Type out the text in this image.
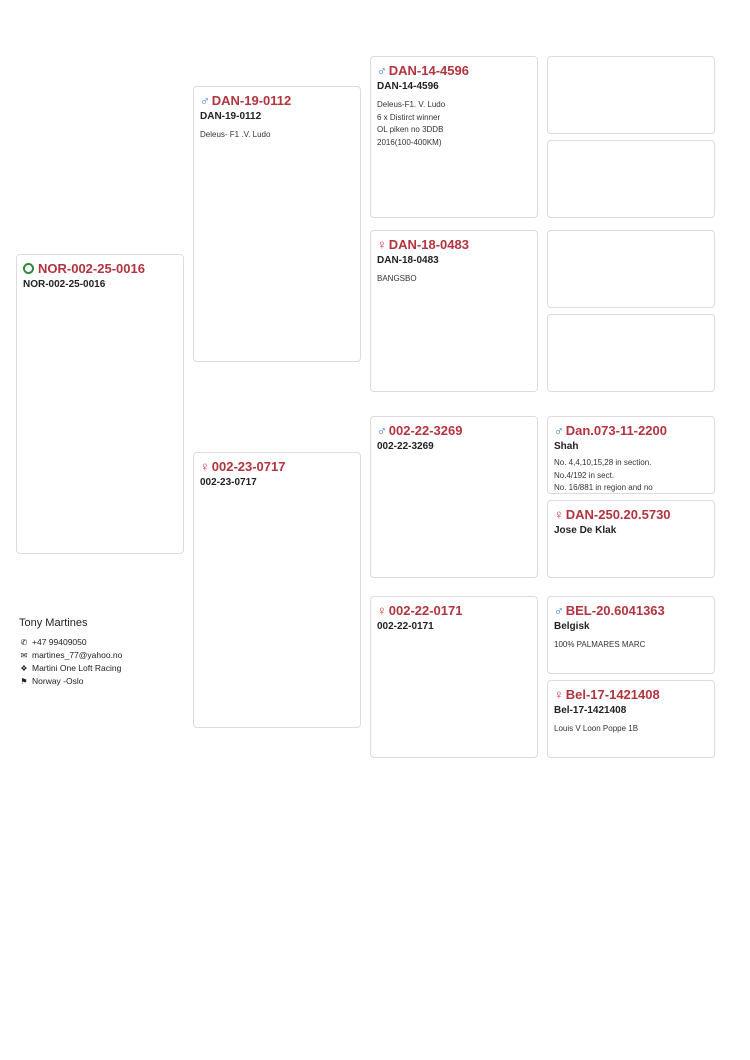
NOR-002-25-0016
NOR-002-25-0016
♂ DAN-19-0112
DAN-19-0112
Deleus- F1 .V. Ludo
♀ 002-23-0717
002-23-0717
♂ DAN-14-4596
DAN-14-4596
Deleus-F1. V. Ludo
6 x Distirct winner
OL piken no 3DDB
2016(100-400KM)
♀ DAN-18-0483
DAN-18-0483
BANGSBO
♂ 002-22-3269
002-22-3269
♀ 002-22-0171
002-22-0171
♂ Dan.073-11-2200
Shah
No. 4,4,10,15,28 in section.
No.4/192 in sect.
No. 16/881 in region and no
♀ DAN-250.20.5730
Jose De Klak
♂ BEL-20.6041363
Belgisk
100% PALMARES MARC
♀ Bel-17-1421408
Bel-17-1421408
Louis V Loon Poppe 1B
Tony Martines
✆ +47 99409050
✉ martines_77@yahoo.no
❖ Martini One Loft Racing
⚑ Norway -Oslo
